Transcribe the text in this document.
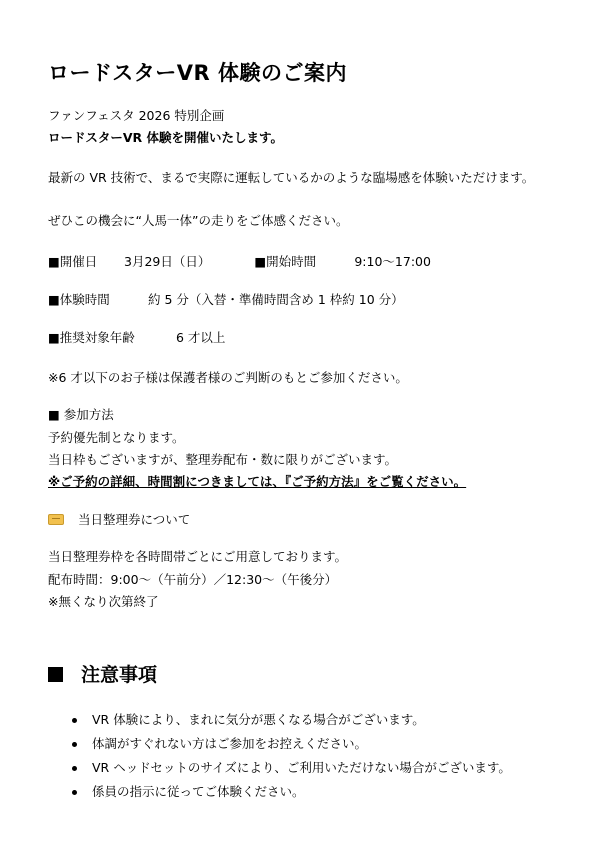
ロードスターVR 体験のご案内
ファンフェスタ 2026 特別企画
ロードスターVR 体験を開催いたします。
最新の VR 技術で、まるで実際に運転しているかのような臨場感を体験いただけます。
ぜひこの機会に“人馬一体”の走りをご体感ください。
■開催日 3月29日（日）	■開始時間	9:10〜17:00
■体験時間	約 5 分（入替・準備時間含め 1 枠約 10 分）
■推奨対象年齢	6 才以上
※6 才以下のお子様は保護者様のご判断のもとご参加ください。
■ 参加方法
予約優先制となります。
当日枠もございますが、整理券配布・数に限りがございます。
※ご予約の詳細、時間割につきましては、『ご予約方法』をご覧ください。
当日整理券について
当日整理券枠を各時間帯ごとにご用意しております。
配布時間：9:00〜（午前分）／12:30〜（午後分）
※無くなり次第終了
注意事項
VR 体験により、まれに気分が悪くなる場合がございます。
体調がすぐれない方はご参加をお控えください。
VR ヘッドセットのサイズにより、ご利用いただけない場合がございます。
係員の指示に従ってご体験ください。
